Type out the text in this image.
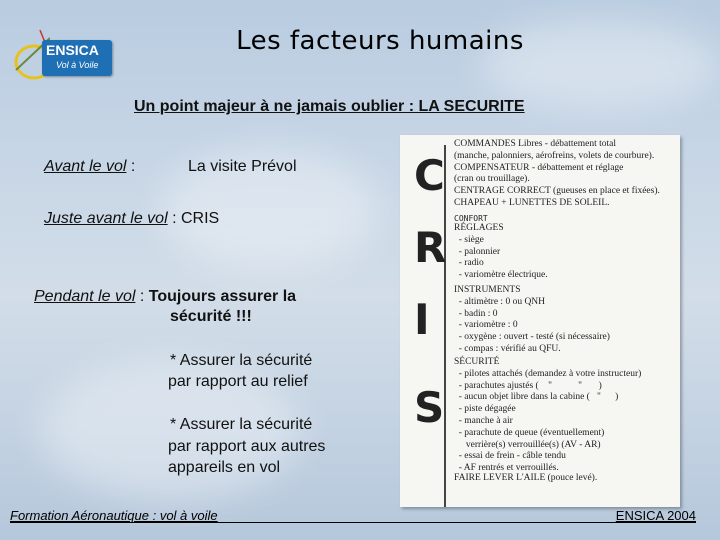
ENSICA
Vol à Voile
Les facteurs humains
Un point majeur à ne jamais oublier : LA SECURITE
Avant le vol :	La visite Prévol
Juste avant le vol : CRIS
Pendant le vol : Toujours assurer la
sécurité !!!
* Assurer la sécurité
par rapport au relief
* Assurer la sécurité
par rapport aux autres
appareils en vol
C
R
I
S
COMMANDES Libres - débattement total
(manche, palonniers, aérofreins, volets de courbure).
COMPENSATEUR - débattement et réglage
(cran ou trouillage).
CENTRAGE CORRECT (gueuses en place et fixées).
CHAPEAU + LUNETTES DE SOLEIL.
CONFORT
RÉGLAGES
- siège
- palonnier
- radio
- variomètre électrique.
INSTRUMENTS
- altimètre : 0 ou QNH
- badin : 0
- variomètre : 0
- oxygène : ouvert - testé (si nécessaire)
- compas : vérifié au QFU.
SÉCURITÉ
- pilotes attachés (demandez à votre instructeur)
- parachutes ajustés (    "           "       )
- aucun objet libre dans la cabine (   "      )
- piste dégagée
- manche à air
- parachute de queue (éventuellement)
verrière(s) verrouillée(s) (AV - AR)
- essai de frein - câble tendu
- AF rentrés et verrouillés.
FAIRE LEVER L'AILE (pouce levé).
Formation Aéronautique : vol à voile	ENSICA 2004
